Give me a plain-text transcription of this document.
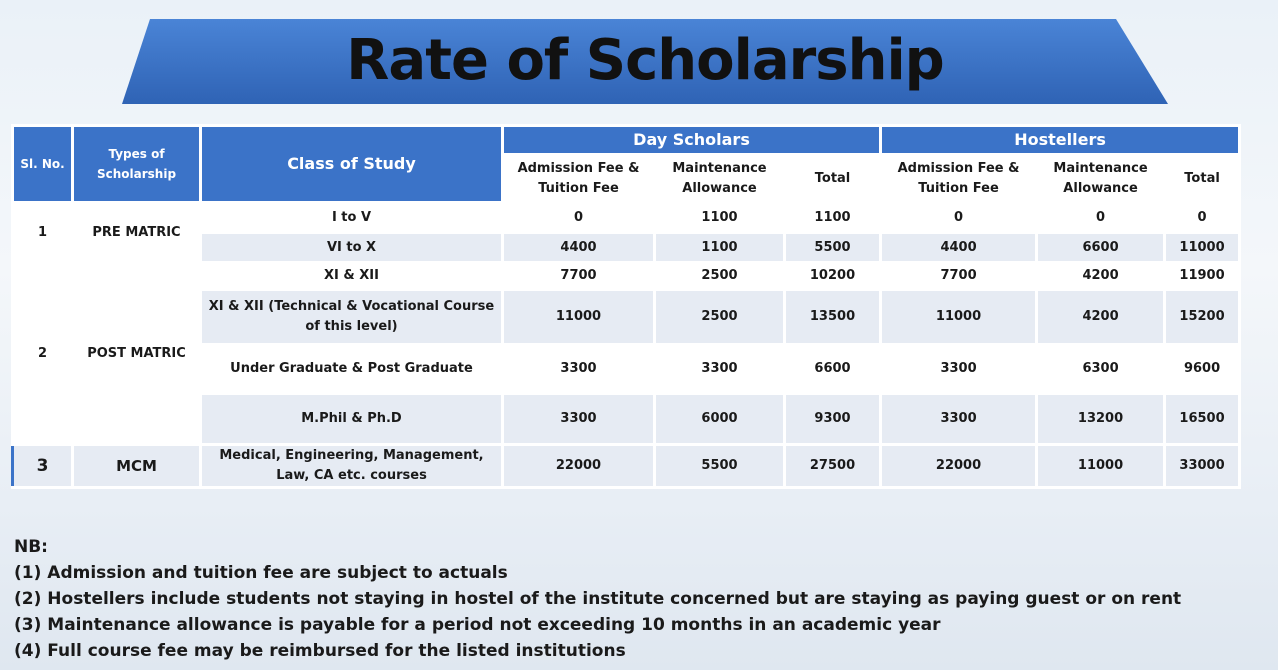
Rate of Scholarship
Sl. No.	Types of Scholarship	Class of Study	Day Scholars			Hostellers		
			Admission Fee & Tuition Fee	Maintenance Allowance	Total	Admission Fee & Tuition Fee	Maintenance Allowance	Total
1	PRE MATRIC	I to V	0	1100	1100	0	0	0
		VI to X	4400	1100	5500	4400	6600	11000
2	POST MATRIC	XI & XII	7700	2500	10200	7700	4200	11900
		XI & XII (Technical & Vocational Course of this level)	11000	2500	13500	11000	4200	15200
		Under Graduate & Post Graduate	3300	3300	6600	3300	6300	9600
		M.Phil & Ph.D	3300	6000	9300	3300	13200	16500
3	MCM	Medical, Engineering, Management, Law, CA etc. courses	22000	5500	27500	22000	11000	33000
NB:
(1) Admission and tuition fee are subject to actuals
(2) Hostellers include students not staying in hostel of the institute concerned but are staying as paying guest or on rent
(3) Maintenance allowance is payable for a period not exceeding 10 months in an academic year
(4) Full course fee may be reimbursed for the listed institutions
